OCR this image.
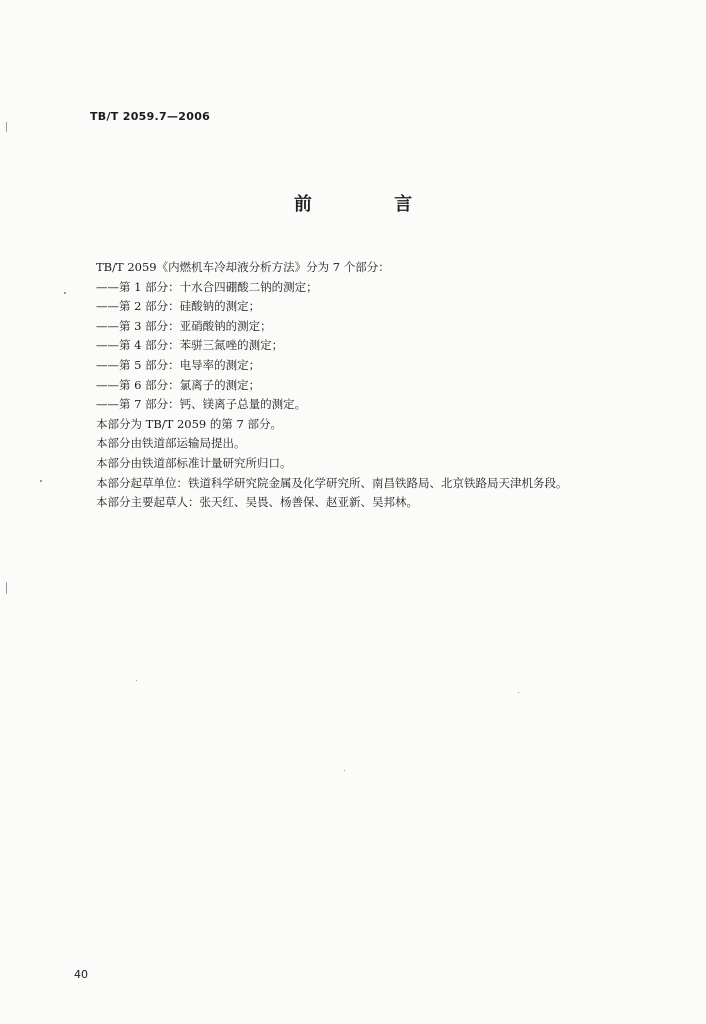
TB/T 2059.7—2006
前 言
TB/T 2059《内燃机车冷却液分析方法》分为 7 个部分：
——第 1 部分：十水合四硼酸二钠的测定；
——第 2 部分：硅酸钠的测定；
——第 3 部分：亚硝酸钠的测定；
——第 4 部分：苯骈三氮唑的测定；
——第 5 部分：电导率的测定；
——第 6 部分：氯离子的测定；
——第 7 部分：钙、镁离子总量的测定。
本部分为 TB/T 2059 的第 7 部分。
本部分由铁道部运输局提出。
本部分由铁道部标准计量研究所归口。
本部分起草单位：铁道科学研究院金属及化学研究所、南昌铁路局、北京铁路局天津机务段。
本部分主要起草人：张天红、吴畏、杨善保、赵亚新、吴邦林。
40
